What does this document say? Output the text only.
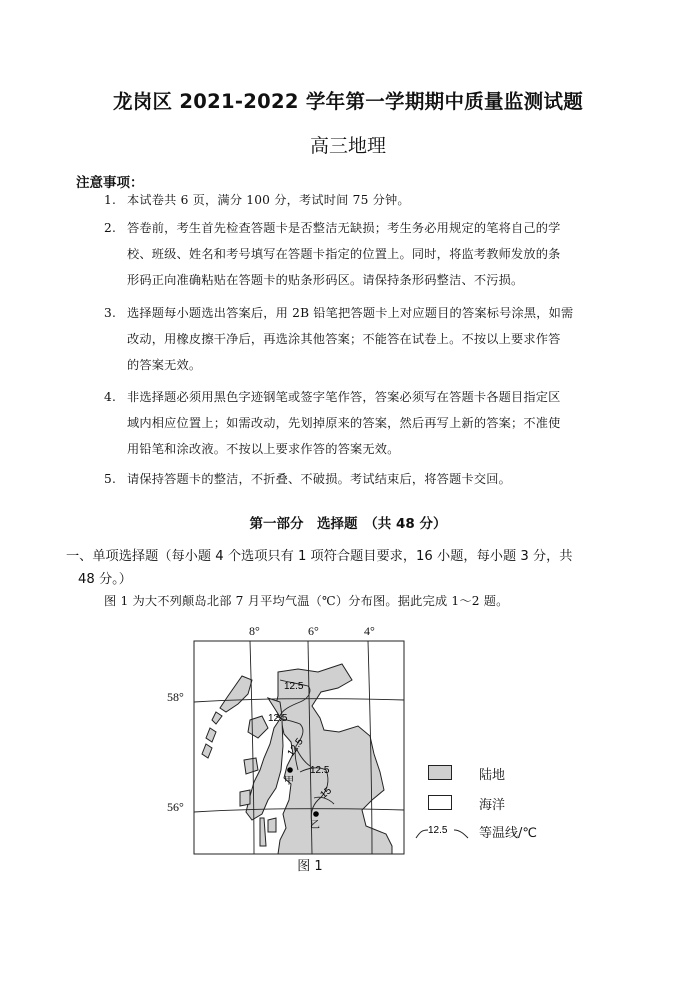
龙岗区 2021-2022 学年第一学期期中质量监测试题
高三地理
注意事项：
1. 本试卷共 6 页，满分 100 分，考试时间 75 分钟。
2. 答卷前，考生首先检查答题卡是否整洁无缺损；考生务必用规定的笔将自己的学
校、班级、姓名和考号填写在答题卡指定的位置上。同时，将监考教师发放的条
形码正向准确粘贴在答题卡的贴条形码区。请保持条形码整洁、不污损。
3. 选择题每小题选出答案后，用 2B 铅笔把答题卡上对应题目的答案标号涂黑，如需
改动，用橡皮擦干净后，再选涂其他答案；不能答在试卷上。不按以上要求作答
的答案无效。
4. 非选择题必须用黑色字迹钢笔或签字笔作答，答案必须写在答题卡各题目指定区
域内相应位置上；如需改动，先划掉原来的答案，然后再写上新的答案；不准使
用铅笔和涂改液。不按以上要求作答的答案无效。
5. 请保持答题卡的整洁，不折叠、不破损。考试结束后，将答题卡交回。
第一部分　选择题　（共 48 分）
一、单项选择题（每小题 4 个选项只有 1 项符合题目要求，16 小题，每小题 3 分，共
48 分。）
图 1 为大不列颠岛北部 7 月平均气温（℃）分布图。据此完成 1～2 题。
8°	6°	4°
58°
56°
12.5
12.5
12.5
12.5
15
甲
乙
陆地
海洋
12.5 等温线/℃
图 1
